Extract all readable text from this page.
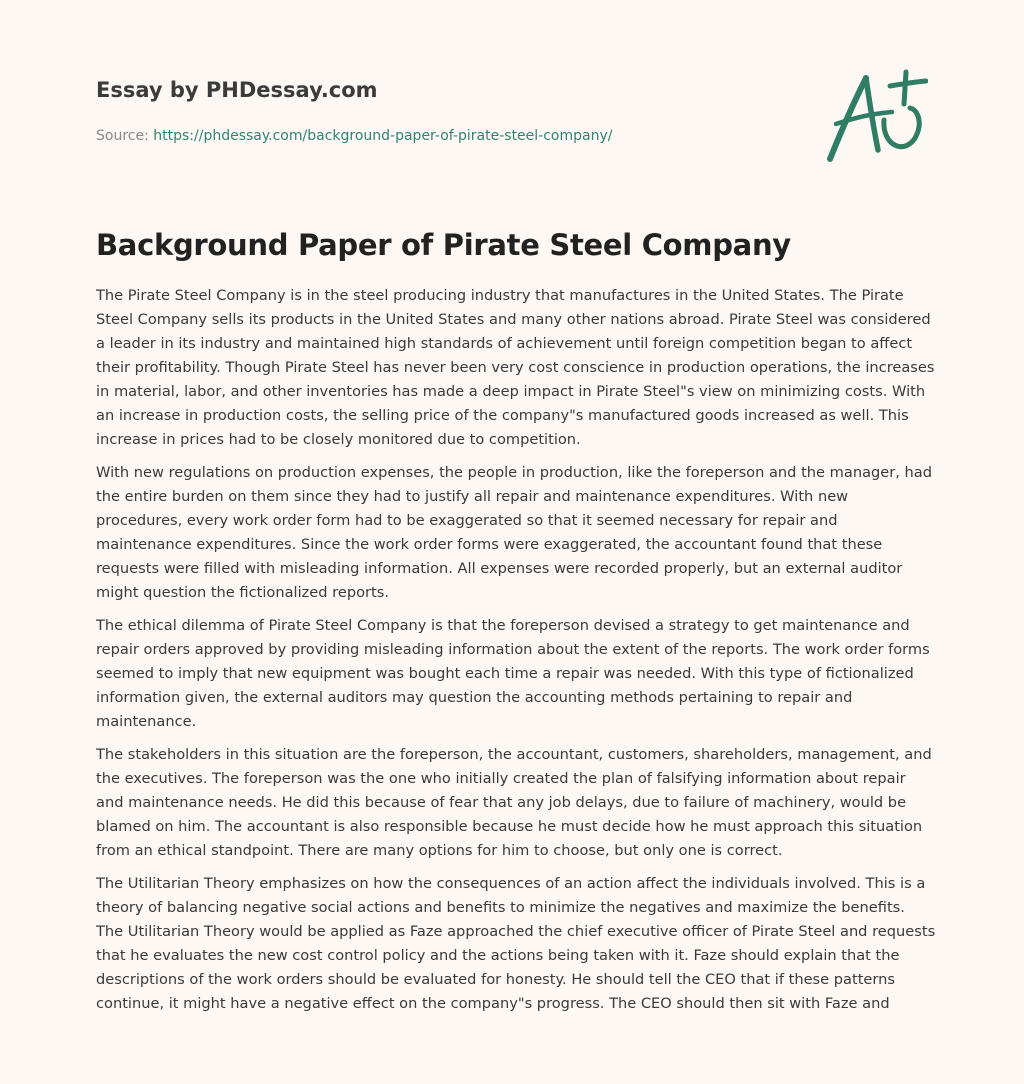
Essay by PHDessay.com
Source: https://phdessay.com/background-paper-of-pirate-steel-company/
Background Paper of Pirate Steel Company

The Pirate Steel Company is in the steel producing industry that manufactures in the United States. The Pirate Steel Company sells its products in the United States and many other nations abroad. Pirate Steel was considered a leader in its industry and maintained high standards of achievement until foreign competition began to affect their profitability. Though Pirate Steel has never been very cost conscience in production operations, the increases in material, labor, and other inventories has made a deep impact in Pirate Steel"s view on minimizing costs. With an increase in production costs, the selling price of the company"s manufactured goods increased as well. This increase in prices had to be closely monitored due to competition.

With new regulations on production expenses, the people in production, like the foreperson and the manager, had the entire burden on them since they had to justify all repair and maintenance expenditures. With new procedures, every work order form had to be exaggerated so that it seemed necessary for repair and maintenance expenditures. Since the work order forms were exaggerated, the accountant found that these requests were filled with misleading information. All expenses were recorded properly, but an external auditor might question the fictionalized reports.

The ethical dilemma of Pirate Steel Company is that the foreperson devised a strategy to get maintenance and repair orders approved by providing misleading information about the extent of the reports. The work order forms seemed to imply that new equipment was bought each time a repair was needed. With this type of fictionalized information given, the external auditors may question the accounting methods pertaining to repair and maintenance.

The stakeholders in this situation are the foreperson, the accountant, customers, shareholders, management, and the executives. The foreperson was the one who initially created the plan of falsifying information about repair and maintenance needs. He did this because of fear that any job delays, due to failure of machinery, would be blamed on him. The accountant is also responsible because he must decide how he must approach this situation from an ethical standpoint. There are many options for him to choose, but only one is correct.

The Utilitarian Theory emphasizes on how the consequences of an action affect the individuals involved. This is a theory of balancing negative social actions and benefits to minimize the negatives and maximize the benefits. The Utilitarian Theory would be applied as Faze approached the chief executive officer of Pirate Steel and requests that he evaluates the new cost control policy and the actions being taken with it. Faze should explain that the descriptions of the work orders should be evaluated for honesty. He should tell the CEO that if these patterns continue, it might have a negative effect on the company"s progress. The CEO should then sit with Faze and
